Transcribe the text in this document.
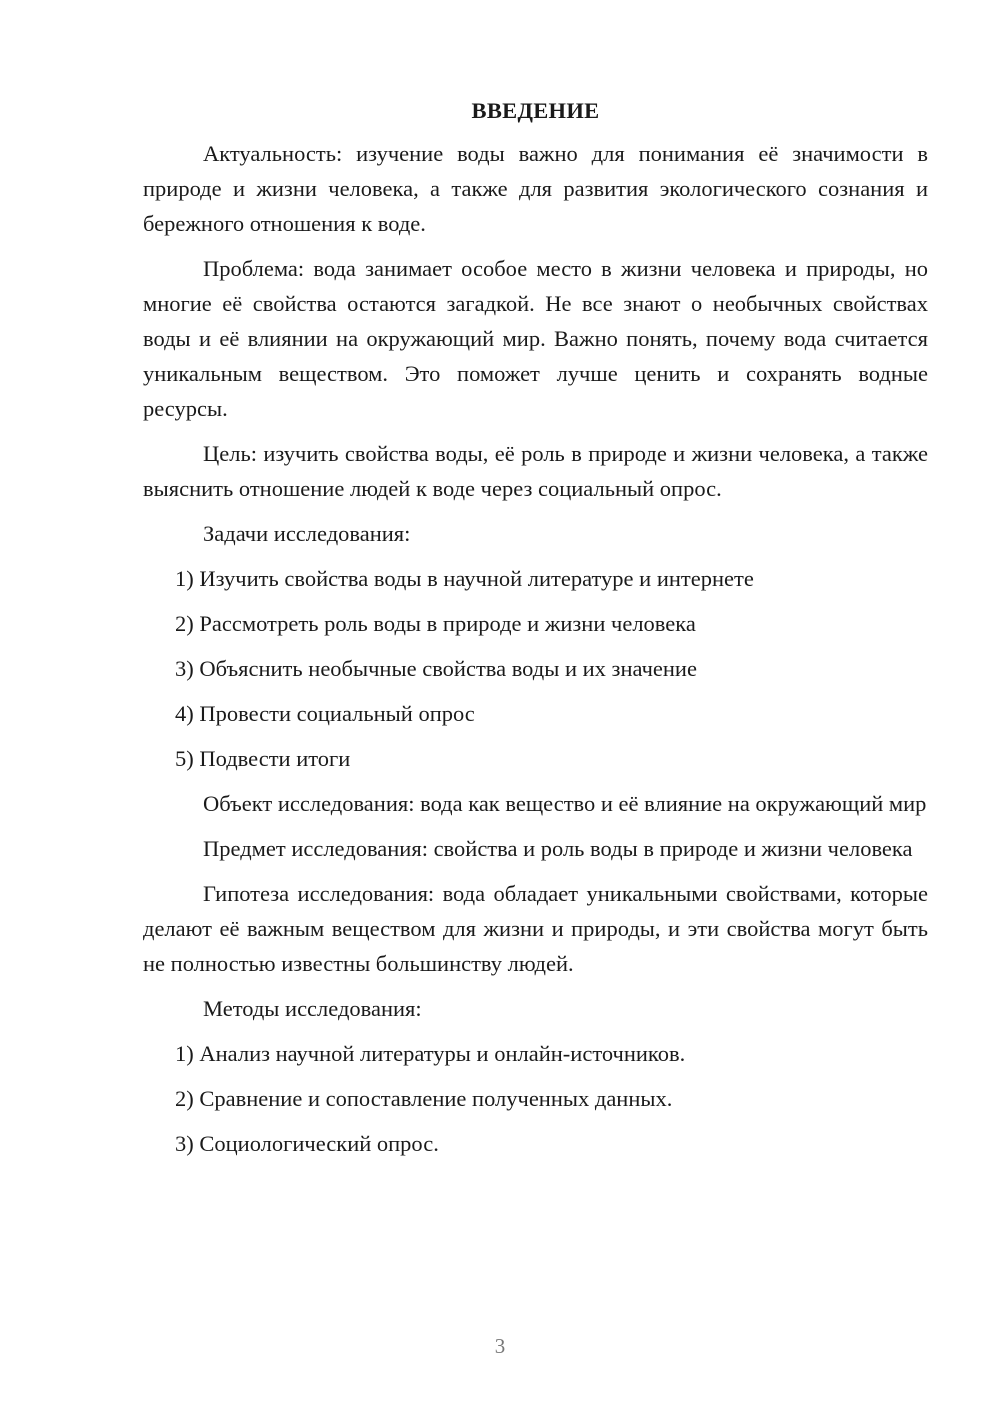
ВВЕДЕНИЕ

Актуальность: изучение воды важно для понимания её значимости в природе и жизни человека, а также для развития экологического сознания и бережного отношения к воде.

Проблема: вода занимает особое место в жизни человека и природы, но многие её свойства остаются загадкой. Не все знают о необычных свойствах воды и её влиянии на окружающий мир. Важно понять, почему вода считается уникальным веществом. Это поможет лучше ценить и сохранять водные ресурсы.

Цель: изучить свойства воды, её роль в природе и жизни человека, а также выяснить отношение людей к воде через социальный опрос.

Задачи исследования:

1) Изучить свойства воды в научной литературе и интернете
2) Рассмотреть роль воды в природе и жизни человека
3) Объяснить необычные свойства воды и их значение
4) Провести социальный опрос
5) Подвести итоги

Объект исследования: вода как вещество и её влияние на окружающий мир

Предмет исследования: свойства и роль воды в природе и жизни человека

Гипотеза исследования: вода обладает уникальными свойствами, которые делают её важным веществом для жизни и природы, и эти свойства могут быть не полностью известны большинству людей.

Методы исследования:

1) Анализ научной литературы и онлайн-источников.
2) Сравнение и сопоставление полученных данных.
3) Социологический опрос.
3
